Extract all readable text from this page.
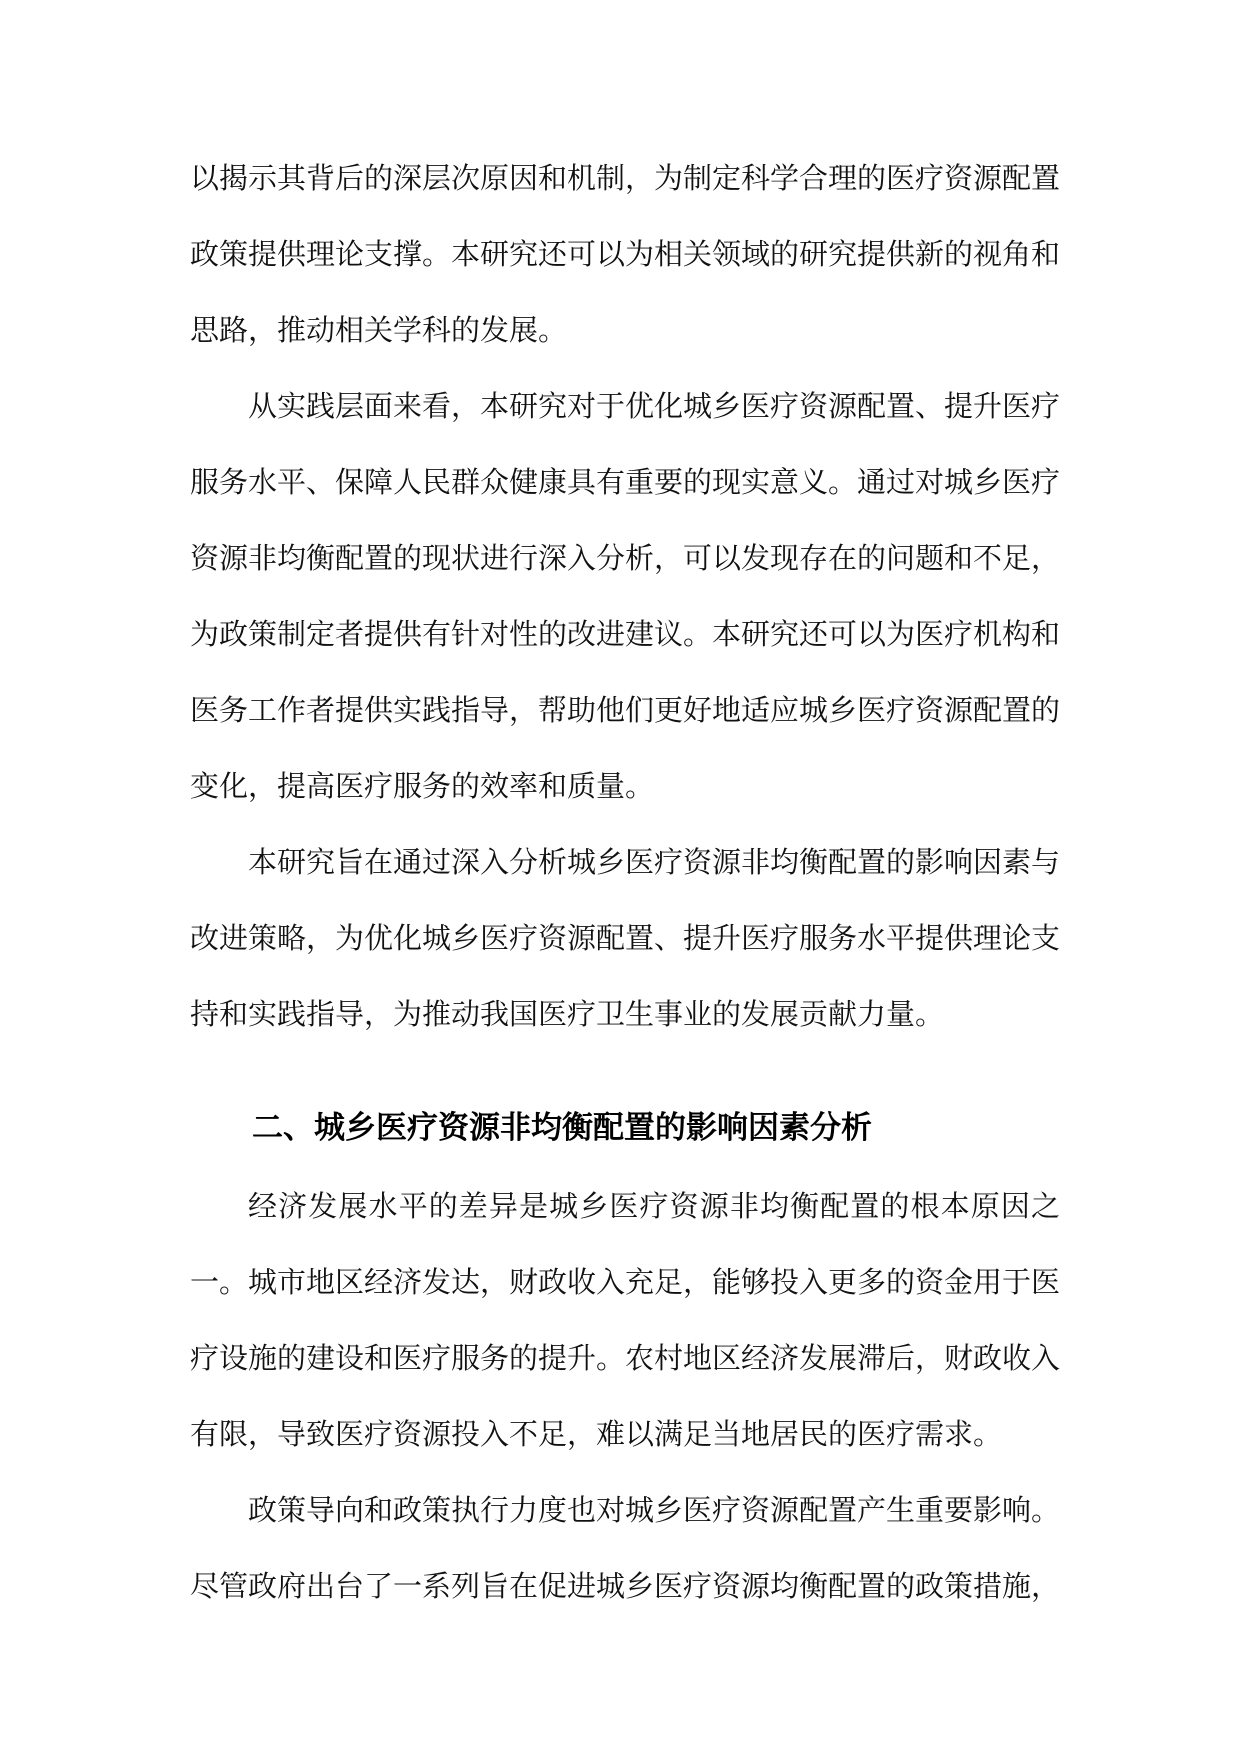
以揭示其背后的深层次原因和机制，为制定科学合理的医疗资源配置政策提供理论支撑。本研究还可以为相关领域的研究提供新的视角和思路，推动相关学科的发展。

从实践层面来看，本研究对于优化城乡医疗资源配置、提升医疗服务水平、保障人民群众健康具有重要的现实意义。通过对城乡医疗资源非均衡配置的现状进行深入分析，可以发现存在的问题和不足，为政策制定者提供有针对性的改进建议。本研究还可以为医疗机构和医务工作者提供实践指导，帮助他们更好地适应城乡医疗资源配置的变化，提高医疗服务的效率和质量。

本研究旨在通过深入分析城乡医疗资源非均衡配置的影响因素与改进策略，为优化城乡医疗资源配置、提升医疗服务水平提供理论支持和实践指导，为推动我国医疗卫生事业的发展贡献力量。

二、城乡医疗资源非均衡配置的影响因素分析

经济发展水平的差异是城乡医疗资源非均衡配置的根本原因之一。城市地区经济发达，财政收入充足，能够投入更多的资金用于医疗设施的建设和医疗服务的提升。农村地区经济发展滞后，财政收入有限，导致医疗资源投入不足，难以满足当地居民的医疗需求。

政策导向和政策执行力度也对城乡医疗资源配置产生重要影响。尽管政府出台了一系列旨在促进城乡医疗资源均衡配置的政策措施，
